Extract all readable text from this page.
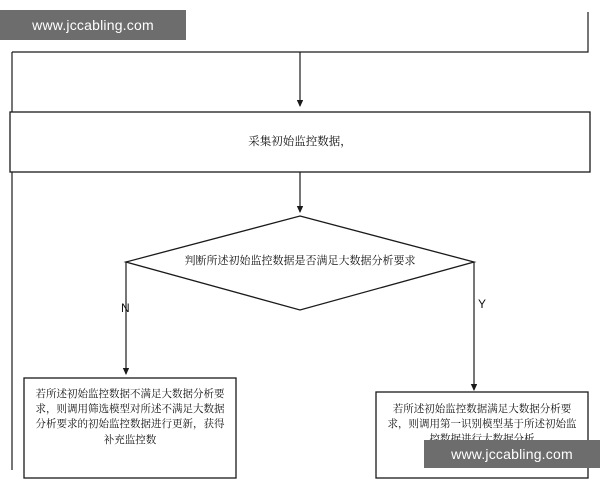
采集初始监控数据，
判断所述初始监控数据是否满足大数据分析要求
若所述初始监控数据不满足大数据分析要求，则调用筛选模型对所述不满足大数据分析要求的初始监控数据进行更新，获得补充监控数
若所述初始监控数据满足大数据分析要求，则调用第一识别模型基于所述初始监
N	Y
www.jccabling.com
www.jccabling.com
